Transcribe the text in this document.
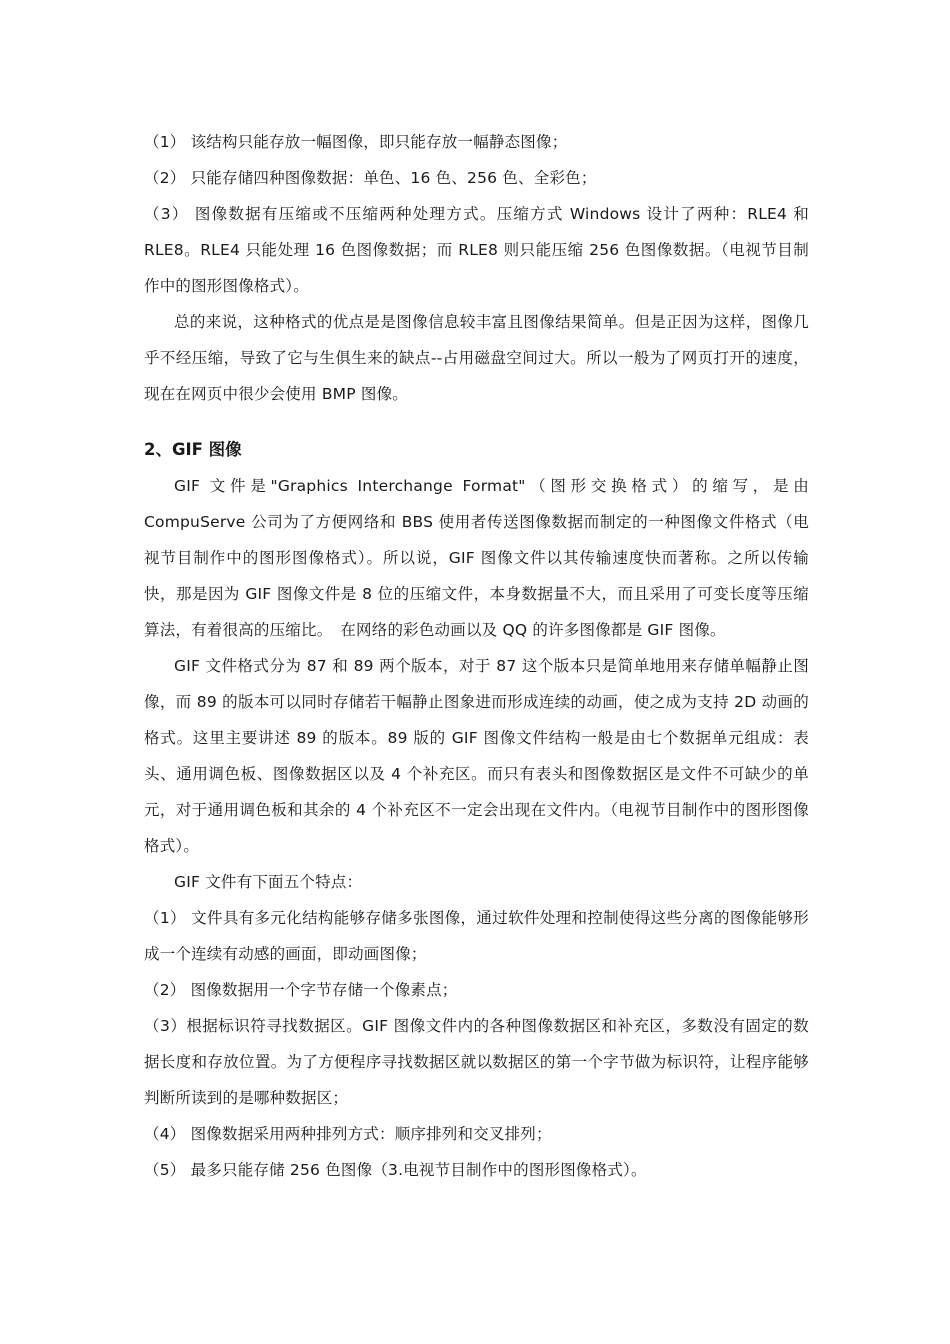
（1） 该结构只能存放一幅图像，即只能存放一幅静态图像；

（2） 只能存储四种图像数据：单色、16 色、256 色、全彩色；

（3） 图像数据有压缩或不压缩两种处理方式。压缩方式 Windows 设计了两种：RLE4 和 RLE8。RLE4 只能处理 16 色图像数据；而 RLE8 则只能压缩 256 色图像数据。（电视节目制作中的图形图像格式）。

总的来说，这种格式的优点是是图像信息较丰富且图像结果简单。但是正因为这样，图像几乎不经压缩，导致了它与生俱生来的缺点--占用磁盘空间过大。所以一般为了网页打开的速度，现在在网页中很少会使用 BMP 图像。

2、GIF 图像

GIF 文件是"Graphics Interchange Format"（图形交换格式）的缩写，是由 CompuServe 公司为了方便网络和 BBS 使用者传送图像数据而制定的一种图像文件格式（电视节目制作中的图形图像格式）。所以说，GIF 图像文件以其传输速度快而著称。之所以传输快，那是因为 GIF 图像文件是 8 位的压缩文件，本身数据量不大，而且采用了可变长度等压缩算法，有着很高的压缩比。　在网络的彩色动画以及 QQ 的许多图像都是 GIF 图像。

GIF 文件格式分为 87 和 89 两个版本，对于 87 这个版本只是简单地用来存储单幅静止图像，而 89 的版本可以同时存储若干幅静止图象进而形成连续的动画，使之成为支持 2D 动画的格式。这里主要讲述 89 的版本。89 版的 GIF 图像文件结构一般是由七个数据单元组成：表头、通用调色板、图像数据区以及 4 个补充区。而只有表头和图像数据区是文件不可缺少的单元，对于通用调色板和其余的 4 个补充区不一定会出现在文件内。（电视节目制作中的图形图像格式）。

GIF 文件有下面五个特点：

（1） 文件具有多元化结构能够存储多张图像，通过软件处理和控制使得这些分离的图像能够形成一个连续有动感的画面，即动画图像；

（2） 图像数据用一个字节存储一个像素点；

（3）根据标识符寻找数据区。GIF 图像文件内的各种图像数据区和补充区，多数没有固定的数据长度和存放位置。为了方便程序寻找数据区就以数据区的第一个字节做为标识符，让程序能够判断所读到的是哪种数据区；

（4） 图像数据采用两种排列方式：顺序排列和交叉排列；

（5） 最多只能存储 256 色图像（3.电视节目制作中的图形图像格式）。
